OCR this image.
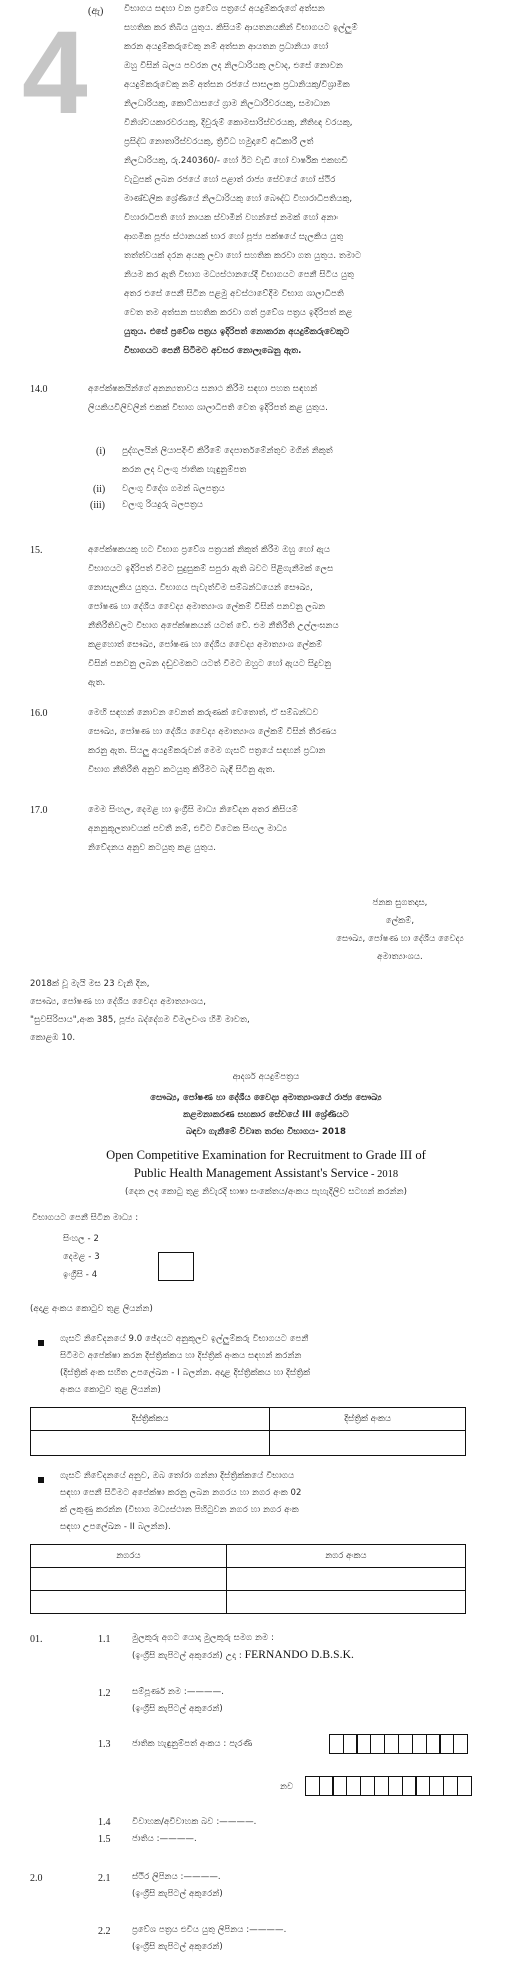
4 (ඇ) විභාගය සඳහා වන ප්‍රවේශ පත්‍රයේ අයදුම්කරුගේ අත්සන
සහතික කර තිබිය යුතුය. කිසියම් ආයතනයකින් විභාගයට ඉල්ලුම්
කරන අයදුම්කරුවෙකු නම් අත්සන ආයතන ප්‍රධානියා හෝ
ඔහු විසින් බලය පවරන ලද නිලධාරියකු ලවාද, එසේ නොවන
අයදුම්කරුවෙකු නම් අත්සන රජයේ පාසලක ප්‍රධානියකු/විශ්‍රාමික
නිලධාරියකු, කොට්ඨාසයේ ග්‍රාම නිලධාරීවරයකු, සමාධාන
විනිශ්චයකාරවරයකු, දිවුරුම් කොමසාරිස්වරයකු, නීතිඥ වරයකු,
ප්‍රසිද්ධ නොතාරිස්වරයකු, ත්‍රිවිධ හමුදාවේ අධිකාරී ලත්
නිලධාරියකු, රු.240360/- හෝ ඊට වැඩි හෝ වාර්ෂික එකඟඩි
වැටුපක් ලබන රජයේ හෝ පළාත් රාජ්‍ය සේවයේ හෝ ස්ථිර
මාණ්ඩලික ශ්‍රේණියේ නිලධාරියකු හෝ බෞද්ධ විහාරාධිපතියකු,
විහාරාධිපති හෝ නායක ස්වාමීන් වහන්සේ නමක් හෝ අනාං
ආගමික පූජ්‍ය ස්ථානයක් භාර හෝ පූජ්‍ය පක්ෂයේ සැලකිය යුතු
තත්ත්වයක් දරන අයකු ලවා හෝ සහතික කරවා ගත යුතුය. තමාට
නියම කර ඇති විභාග මධ්‍යස්ථානයේදී විභාගයට පෙනී සිටිය යුතු
අතර එසේ පෙනී සිටින පළමු අවස්ථාවේදීම විභාග ශාලාධිපති
වෙත තම අත්සන සහතික කරවා ගත් ප්‍රවේශ පත්‍රය ඉදිරිපත් කළ
යුතුය. එසේ ප්‍රවේශ පත්‍රය ඉදිරිපත් නොකරන අයදුම්කරුවෙකුට
විභාගයට පෙනී සිටීමට අවසර නොලැබෙනු ඇත.
14.0	අපේක්ෂකයින්ගේ අනන්‍යතාවය සනාථ කිරීම සඳහා පහත සඳහන්
ලියකියවිලිවලින් එකක් විභාග ශාලාධිපති වෙත ඉදිරිපත් කළ යුතුය.
(i) පුද්ගලයින් ලියාපදිංචි කිරීමේ දෙපාර්තමේන්තුව මගින් නිකුත්
කරන ලද වලංගු ජාතික හැඳුනුම්පත
(ii) වලංගු විදේශ ගමන් බලපත්‍රය
(iii) වලංගු රියදුරු බලපත්‍රය
15.	අපේක්ෂකයකු හට විභාග ප්‍රවේශ පත්‍රයක් නිකුත් කිරීම ඔහු හෝ ඇය
විභාගයට ඉදිරිපත් වීමට සුදුසුකම් සපුරා ඇති බවට පිළිගැනීමක් ලෙස
නොසැලකිය යුතුය. විභාගය පැවැත්වීම සම්බන්ධයෙන් සෞඛ්‍ය,
පෝෂණ හා දේශීය වෛද්‍ය අමාත්‍යාංශ ලේකම් විසින් පනවනු ලබන
නීතිරීතිවලට විභාග අපේක්ෂකයන් යටත් වේ. එම නීතිරීති උල්ලංඝනය
කළහොත් සෞඛ්‍ය, පෝෂණ හා දේශීය වෛද්‍ය අමාත්‍යාංශ ලේකම්
විසින් පනවනු ලබන දඬුවමකට යටත් වීමට ඔහුට හෝ ඇයට සිදුවනු
ඇත.
16.0	මෙහි සඳහන් නොවන වෙනත් කරුණක් වෙතොත්, ඒ සම්බන්ධව
සෞඛ්‍ය, පෝෂණ හා දේශීය වෛද්‍ය අමාත්‍යාංශ ලේකම් විසින් තීරණය
කරනු ඇත. සියලු අයදුම්කරුවන් මෙම ගැසට් පත්‍රයේ සඳහන් ප්‍රධාන
විභාග නීතිරීති අනුව කටයුතු කිරීමට බැඳී සිටිනු ඇත.
17.0	මෙම සිංහල, දෙමළ හා ඉංග්‍රීසි මාධ්‍ය නිවේදන අතර කිසියම්
අනනුකූලතාවයක් පවතී නම්, එවිට විටෙක සිංහල මාධ්‍ය
නිවේදනය අනුව කටයුතු කළ යුතුය.
ජනක සුගතදාස,
ලේකම්,
සෞඛ්‍ය, පෝෂණ හා දේශීය වෛද්‍ය
අමාත්‍යාංශය.
2018ක් වූ මැයි මස 23 වැනි දින,
සෞඛ්‍ය, පෝෂණ හා දේශීය වෛද්‍ය අමාත්‍යාංශය,
"සුවසිරිපාය",අංක 385, පූජ්‍ය බද්දේගම විමලවංශ හිමි මාවත,
කොළඹ 10.
ආදර්ශ අයදුම්පත්‍රය
සෞඛ්‍ය, පෝෂණ හා දේශීය වෛද්‍ය අමාත්‍යාංශයේ රාජ්‍ය සෞඛ්‍ය
කළමනාකරණ සහකාර සේවයේ III ශ්‍රේණියට
බඳවා ගැනීමේ විවෘත තරඟ විභාගය- 2018
Open Competitive Examination for Recruitment to Grade III of
Public Health Management Assistant's Service - 2018
(දෙන ලද කොටු තුළ නිවැරදි භාෂා සංකේතය/අංකය පැහැදිලිව සටහන් කරන්න)
විභාගයට පෙනී සිටින මාධ්‍ය :
සිංහල - 2
දෙමළ - 3
ඉංග්‍රීසි - 4
(අදාළ අංකය කොටුව තුළ ලියන්න)
ගැසට් නිවේදනයේ 9.0 ඡේදයට අනුකූලව ඉල්ලුම්කරු විභාගයට පෙනී
සිටීමට අපේක්ෂා කරන දිස්ත්‍රික්කය හා දිස්ත්‍රික් අංකය සඳහන් කරන්න
(දිස්ත්‍රික් අංක සහිත උපලේඛන - I බලන්න. අදාළ දිස්ත්‍රික්කය හා දිස්ත්‍රික්
අංකය කොටුව තුළ ලියන්න)
දිස්ත්‍රික්කය	දිස්ත්‍රික් අංකය

ගැසට් නිවේදනයේ අනුව, ඔබ තෝරා ගන්නා දිස්ත්‍රික්කයේ විභාගය
සඳහා පෙනී සිටීමට අපේක්ෂා කරනු ලබන නගරය හා නගර අංක 02
ක් ලකුණු කරන්න (විභාග මධ්‍යස්ථාන පිහිටුවන නගර හා නගර අංක
සඳහා උපලේඛන - II බලන්න).
නගරය	නගර අංකය

01.	1.1	මුලකුරු අගට යොදා මුලකුරු සමග නම :
(ඉංග්‍රීසි කැපිටල් අකුරෙන්) උදා : FERNANDO D.B.S.K.
1.2	සම්පූර්ණ නම :————.
(ඉංග්‍රීසි කැපිටල් අකුරෙන්)
1.3	ජාතික හැඳුනුම්පත් අංකය : පැරණි
නව
1.4	විවාහක/අවිවාහක බව :————.
1.5	ජාතිය :————.
2.0	2.1	ස්ථිර ලිපිනය :————.
(ඉංග්‍රීසි කැපිටල් අකුරෙන්)
2.2	ප්‍රවේශ පත්‍රය එවිය යුතු ලිපිනය :————.
(ඉංග්‍රීසි කැපිටල් අකුරෙන්)
